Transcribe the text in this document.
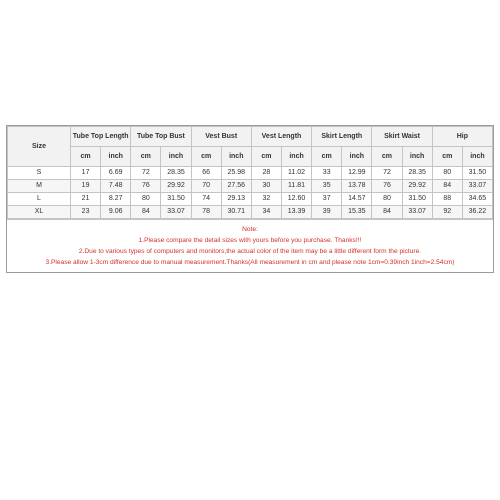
Size	Tube Top Length		Tube Top Bust		Vest Bust		Vest Length		Skirt Length		Skirt Waist		Hip	
	cm	inch	cm	inch	cm	inch	cm	inch	cm	inch	cm	inch	cm	inch
S	17	6.69	72	28.35	66	25.98	28	11.02	33	12.99	72	28.35	80	31.50
M	19	7.48	76	29.92	70	27.56	30	11.81	35	13.78	76	29.92	84	33.07
L	21	8.27	80	31.50	74	29.13	32	12.60	37	14.57	80	31.50	88	34.65
XL	23	9.06	84	33.07	78	30.71	34	13.39	39	15.35	84	33.07	92	36.22
Note:
1.Please compare the detail sizes with yours before you purchase. Thanks!!!
2.Due to various types of computers and monitors,the actual color of the item may be a little different form the picture.
3.Please allow 1-3cm difference due to manual measurement.Thanks(All measurement in cm and please note 1cm=0.39inch 1inch=2.54cm)
